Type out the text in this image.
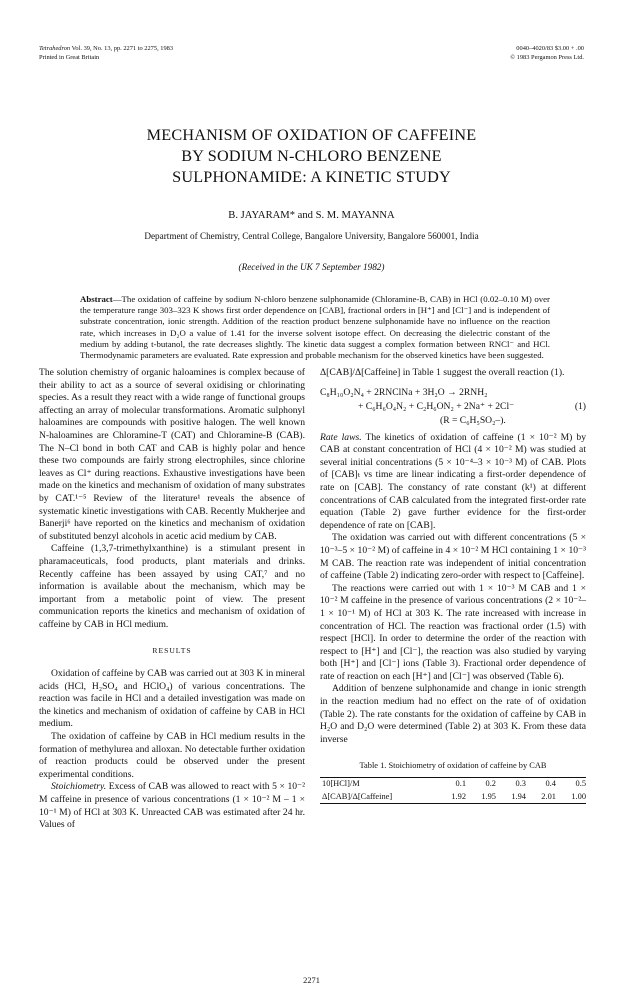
Tetrahedron Vol. 39, No. 13, pp. 2271 to 2275, 1983
Printed in Great Britain
0040–4020/83 $3.00 + .00
© 1983 Pergamon Press Ltd.
MECHANISM OF OXIDATION OF CAFFEINE
BY SODIUM N-CHLORO BENZENE
SULPHONAMIDE: A KINETIC STUDY
B. JAYARAM* and S. M. MAYANNA
Department of Chemistry, Central College, Bangalore University, Bangalore 560001, India
(Received in the UK 7 September 1982)
Abstract—The oxidation of caffeine by sodium N-chloro benzene sulphonamide (Chloramine-B, CAB) in HCl (0.02–0.10 M) over the temperature range 303–323 K shows first order dependence on [CAB], fractional orders in [H⁺] and [Cl⁻] and is independent of substrate concentration, ionic strength. Addition of the reaction product benzene sulphonamide have no influence on the reaction rate, which increases in D₂O a value of 1.41 for the inverse solvent isotope effect. On decreasing the dielectric constant of the medium by adding t-butanol, the rate decreases slightly. The kinetic data suggest a complex formation between RNCl⁻ and HCl. Thermodynamic parameters are evaluated. Rate expression and probable mechanism for the observed kinetics have been suggested.

The solution chemistry of organic haloamines is complex because of their ability to act as a source of several oxidising or chlorinating species. As a result they react with a wide range of functional groups affecting an array of molecular transformations. Aromatic sulphonyl haloamines are compounds with positive halogen. The well known N-haloamines are Chloramine-T (CAT) and Chloramine-B (CAB). The N–Cl bond in both CAT and CAB is highly polar and hence these two compounds are fairly strong electrophiles, since chlorine leaves as Cl⁺ during reactions. Exhaustive investigations have been made on the kinetics and mechanism of oxidation of many substrates by CAT.¹⁻⁵ Review of the literature¹ reveals the absence of systematic kinetic investigations with CAB. Recently Mukherjee and Banerji⁶ have reported on the kinetics and mechanism of oxidation of substituted benzyl alcohols in acetic acid medium by CAB.

Caffeine (1,3,7-trimethylxanthine) is a stimulant present in pharamaceuticals, food products, plant materials and drinks. Recently caffeine has been assayed by using CAT,⁷ and no information is available about the mechanism, which may be important from a metabolic point of view. The present communication reports the kinetics and mechanism of oxidation of caffeine by CAB in HCl medium.

RESULTS

Oxidation of caffeine by CAB was carried out at 303 K in mineral acids (HCl, H₂SO₄ and HClO₄) of various concentrations. The reaction was facile in HCl and a detailed investigation was made on the kinetics and mechanism of oxidation of caffeine by CAB in HCl medium.

The oxidation of caffeine by CAB in HCl medium results in the formation of methylurea and alloxan. No detectable further oxidation of reaction products could be observed under the present experimental conditions.

Stoichiometry. Excess of CAB was allowed to react with 5 × 10⁻² M caffeine in presence of various concentrations (1 × 10⁻² M – 1 × 10⁻¹ M) of HCl at 303 K. Unreacted CAB was estimated after 24 hr. Values of

Δ[CAB]/Δ[Caffeine] in Table 1 suggest the overall reaction (1).

C₈H₁₀O₂N₄ + 2RNClNa + 3H₂O → 2RNH₂
+ C₆H₆O₄N₂ + C₂H₆ON₂ + 2Na⁺ + 2Cl⁻	(1)
(R = C₆H₅SO₂–).

Rate laws. The kinetics of oxidation of caffeine (1 × 10⁻² M) by CAB at constant concentration of HCl (4 × 10⁻² M) was studied at several initial concentrations (5 × 10⁻⁴–3 × 10⁻³ M) of CAB. Plots of [CAB]ₜ vs time are linear indicating a first-order dependence of rate on [CAB]. The constancy of rate constant (k¹) at different concentrations of CAB calculated from the integrated first-order rate equation (Table 2) gave further evidence for the first-order dependence of rate on [CAB].

The oxidation was carried out with different concentrations (5 × 10⁻³–5 × 10⁻² M) of caffeine in 4 × 10⁻² M HCl containing 1 × 10⁻³ M CAB. The reaction rate was independent of initial concentration of caffeine (Table 2) indicating zero-order with respect to [Caffeine].

The reactions were carried out with 1 × 10⁻³ M CAB and 1 × 10⁻² M caffeine in the presence of various concentrations (2 × 10⁻²–1 × 10⁻¹ M) of HCl at 303 K. The rate increased with increase in concentration of HCl. The reaction was fractional order (1.5) with respect [HCl]. In order to determine the order of the reaction with respect to [H⁺] and [Cl⁻], the reaction was also studied by varying both [H⁺] and [Cl⁻] ions (Table 3). Fractional order dependence of rate of reaction on each [H⁺] and [Cl⁻] was observed (Table 6).

Addition of benzene sulphonamide and change in ionic strength in the reaction medium had no effect on the rate of of oxidation (Table 2). The rate constants for the oxidation of caffeine by CAB in H₂O and D₂O were determined (Table 2) at 303 K. From these data inverse

Table 1. Stoichiometry of oxidation of caffeine by CAB
10[HCl]/M	0.1	0.2	0.3	0.4	0.5
Δ[CAB]/Δ[Caffeine]	1.92	1.95	1.94	2.01	1.00
2271
